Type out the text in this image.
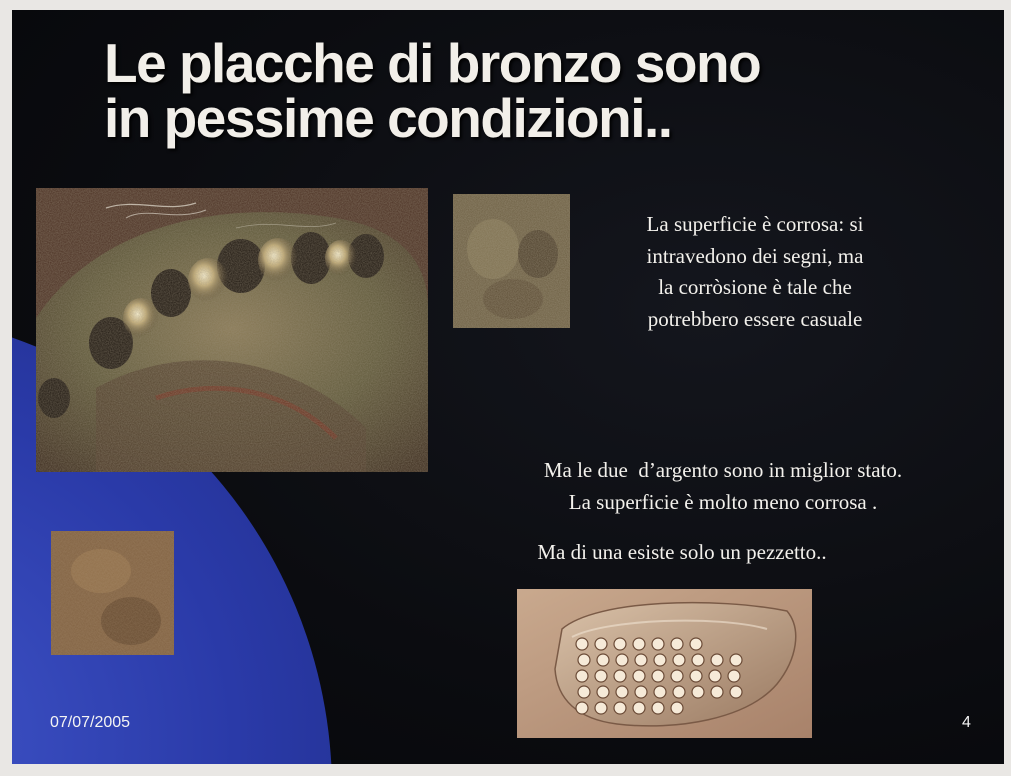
Le placche di bronzo sono
in pessime condizioni..

La superficie è corrosa: si
intravedono dei segni, ma
la corròsione è tale che
potrebbero essere casuale

Ma le due  d’argento sono in miglior stato.
La superficie è molto meno corrosa .

Ma di una esiste solo un pezzetto..

07/07/2005	4
